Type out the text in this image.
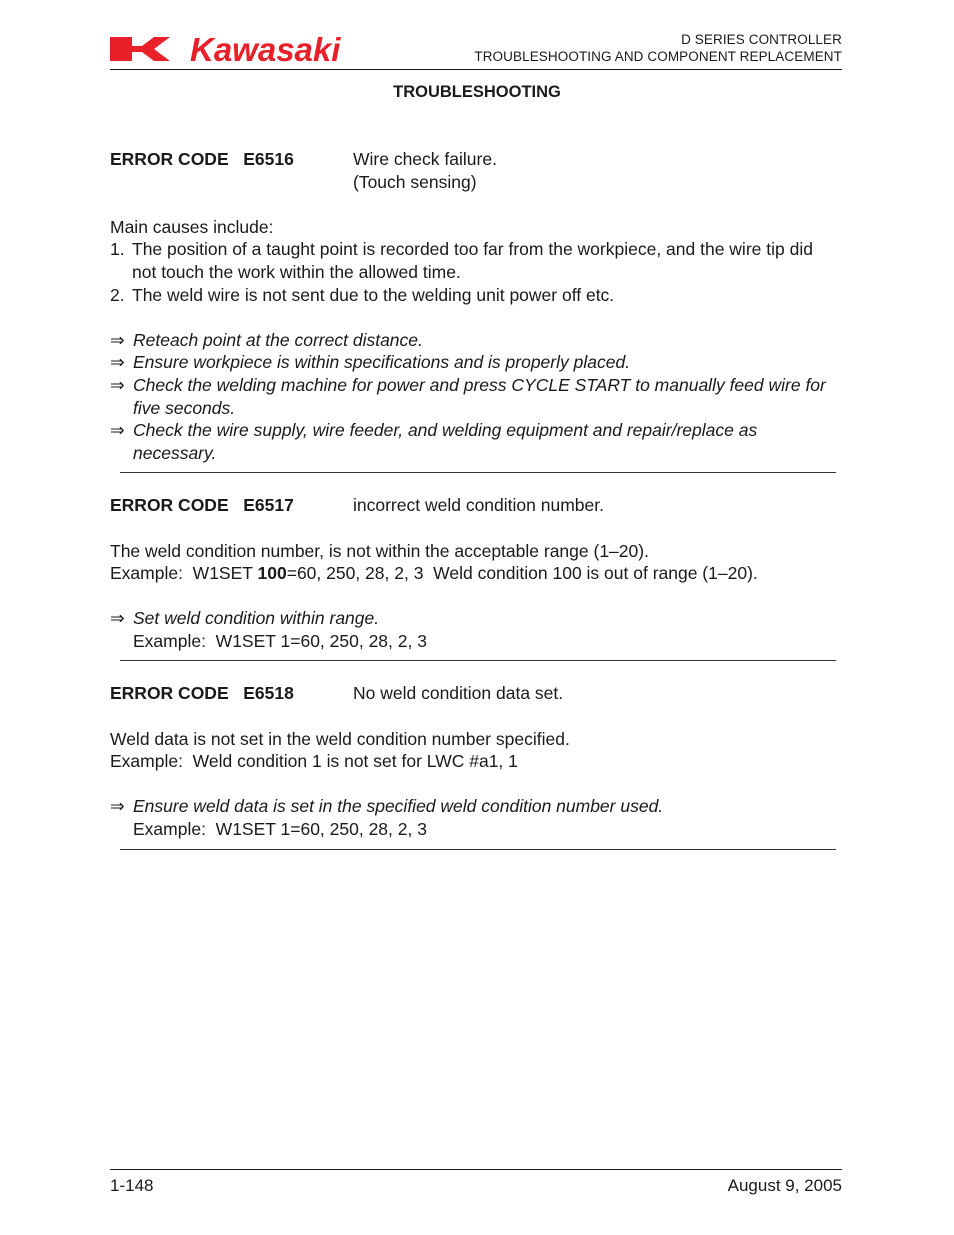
Kawasaki	D SERIES CONTROLLER
TROUBLESHOOTING AND COMPONENT REPLACEMENT
TROUBLESHOOTING
ERROR CODE   E6516	Wire check failure.
(Touch sensing)
Main causes include:
1. The position of a taught point is recorded too far from the workpiece, and the wire tip did not touch the work within the allowed time.
2. The weld wire is not sent due to the welding unit power off etc.
⇒ Reteach point at the correct distance.
⇒ Ensure workpiece is within specifications and is properly placed.
⇒ Check the welding machine for power and press CYCLE START to manually feed wire for five seconds.
⇒ Check the wire supply, wire feeder, and welding equipment and repair/replace as necessary.
ERROR CODE   E6517	incorrect weld condition number.
The weld condition number, is not within the acceptable range (1–20).
Example:  W1SET 100=60, 250, 28, 2, 3  Weld condition 100 is out of range (1–20).
⇒ Set weld condition within range.
Example:  W1SET 1=60, 250, 28, 2, 3
ERROR CODE   E6518	No weld condition data set.
Weld data is not set in the weld condition number specified.
Example:  Weld condition 1 is not set for LWC #a1, 1
⇒ Ensure weld data is set in the specified weld condition number used.
Example:  W1SET 1=60, 250, 28, 2, 3
1-148	August 9, 2005
